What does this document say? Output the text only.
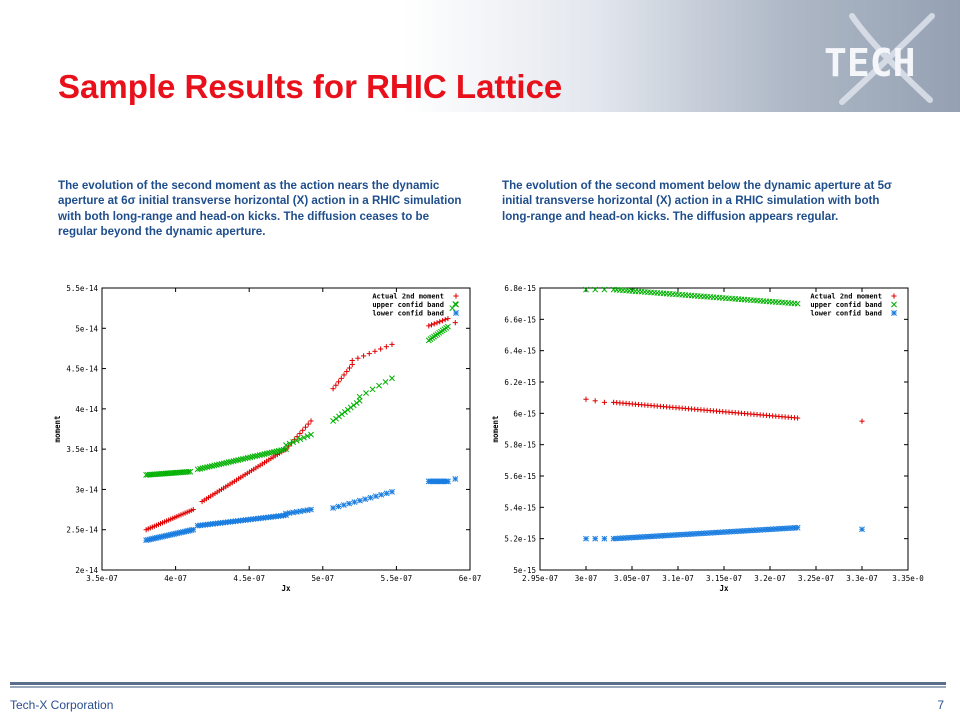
TECH
Sample Results for RHIC Lattice

The evolution of the second moment as the action nears the dynamic aperture at 6σ initial transverse horizontal (X) action in a RHIC simulation with both long-range and head-on kicks. The diffusion ceases to be regular beyond the dynamic aperture.

The evolution of the second moment below the dynamic aperture at 5σ initial transverse horizontal (X) action in a RHIC simulation with both long-range and head-on kicks. The diffusion appears regular.

2e-14
2.5e-14
3e-14
3.5e-14
4e-14
4.5e-14
5e-14
5.5e-14
3.5e-07	4e-07	4.5e-07	5e-07	5.5e-07	6e-07
Jx
moment
Actual 2nd moment
upper confid band
lower confid band
5e-15
5.2e-15
5.4e-15
5.6e-15
5.8e-15
6e-15
6.2e-15
6.4e-15
6.6e-15
6.8e-15
2.95e-07 3e-07 3.05e-07 3.1e-07 3.15e-07 3.2e-07 3.25e-07 3.3e-07 3.35e-0
Jx
moment
Actual 2nd moment
upper confid band
lower confid band
Tech-X Corporation	7
